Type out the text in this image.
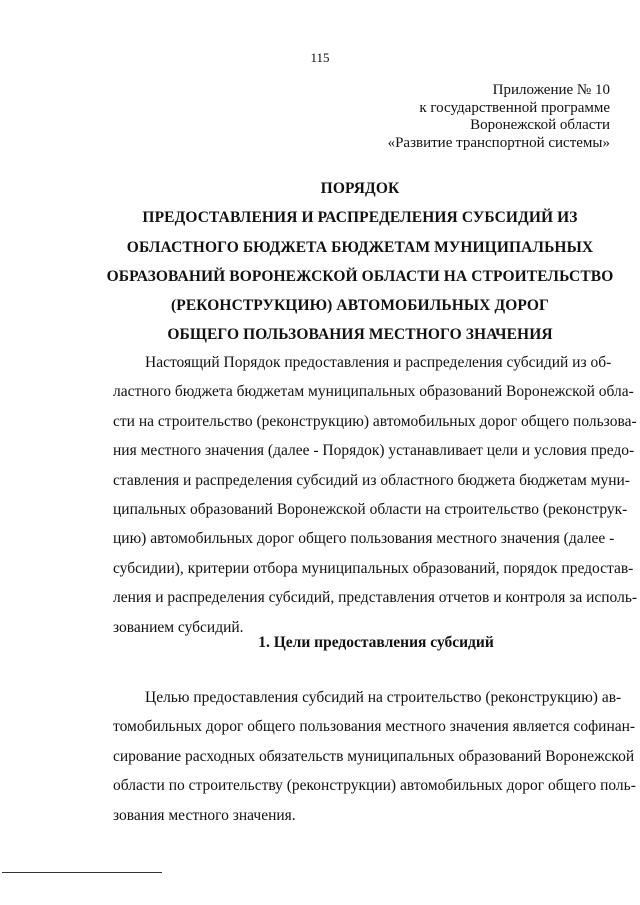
115
Приложение № 10
к государственной программе
Воронежской области
«Развитие транспортной системы»
ПОРЯДОК
ПРЕДОСТАВЛЕНИЯ И РАСПРЕДЕЛЕНИЯ СУБСИДИЙ ИЗ
ОБЛАСТНОГО БЮДЖЕТА БЮДЖЕТАМ МУНИЦИПАЛЬНЫХ
ОБРАЗОВАНИЙ ВОРОНЕЖСКОЙ ОБЛАСТИ НА СТРОИТЕЛЬСТВО
(РЕКОНСТРУКЦИЮ) АВТОМОБИЛЬНЫХ ДОРОГ
ОБЩЕГО ПОЛЬЗОВАНИЯ МЕСТНОГО ЗНАЧЕНИЯ
Настоящий Порядок предоставления и распределения субсидий из об-
ластного бюджета бюджетам муниципальных образований Воронежской обла-
сти на строительство (реконструкцию) автомобильных дорог общего пользова-
ния местного значения (далее - Порядок) устанавливает цели и условия предо-
ставления и распределения субсидий из областного бюджета бюджетам муни-
ципальных образований Воронежской области на строительство (реконструк-
цию) автомобильных дорог общего пользования местного значения (далее -
субсидии), критерии отбора муниципальных образований, порядок предостав-
ления и распределения субсидий, представления отчетов и контроля за исполь-
зованием субсидий.
1. Цели предоставления субсидий
Целью предоставления субсидий на строительство (реконструкцию) ав-
томобильных дорог общего пользования местного значения является софинан-
сирование расходных обязательств муниципальных образований Воронежской
области по строительству (реконструкции) автомобильных дорог общего поль-
зования местного значения.
